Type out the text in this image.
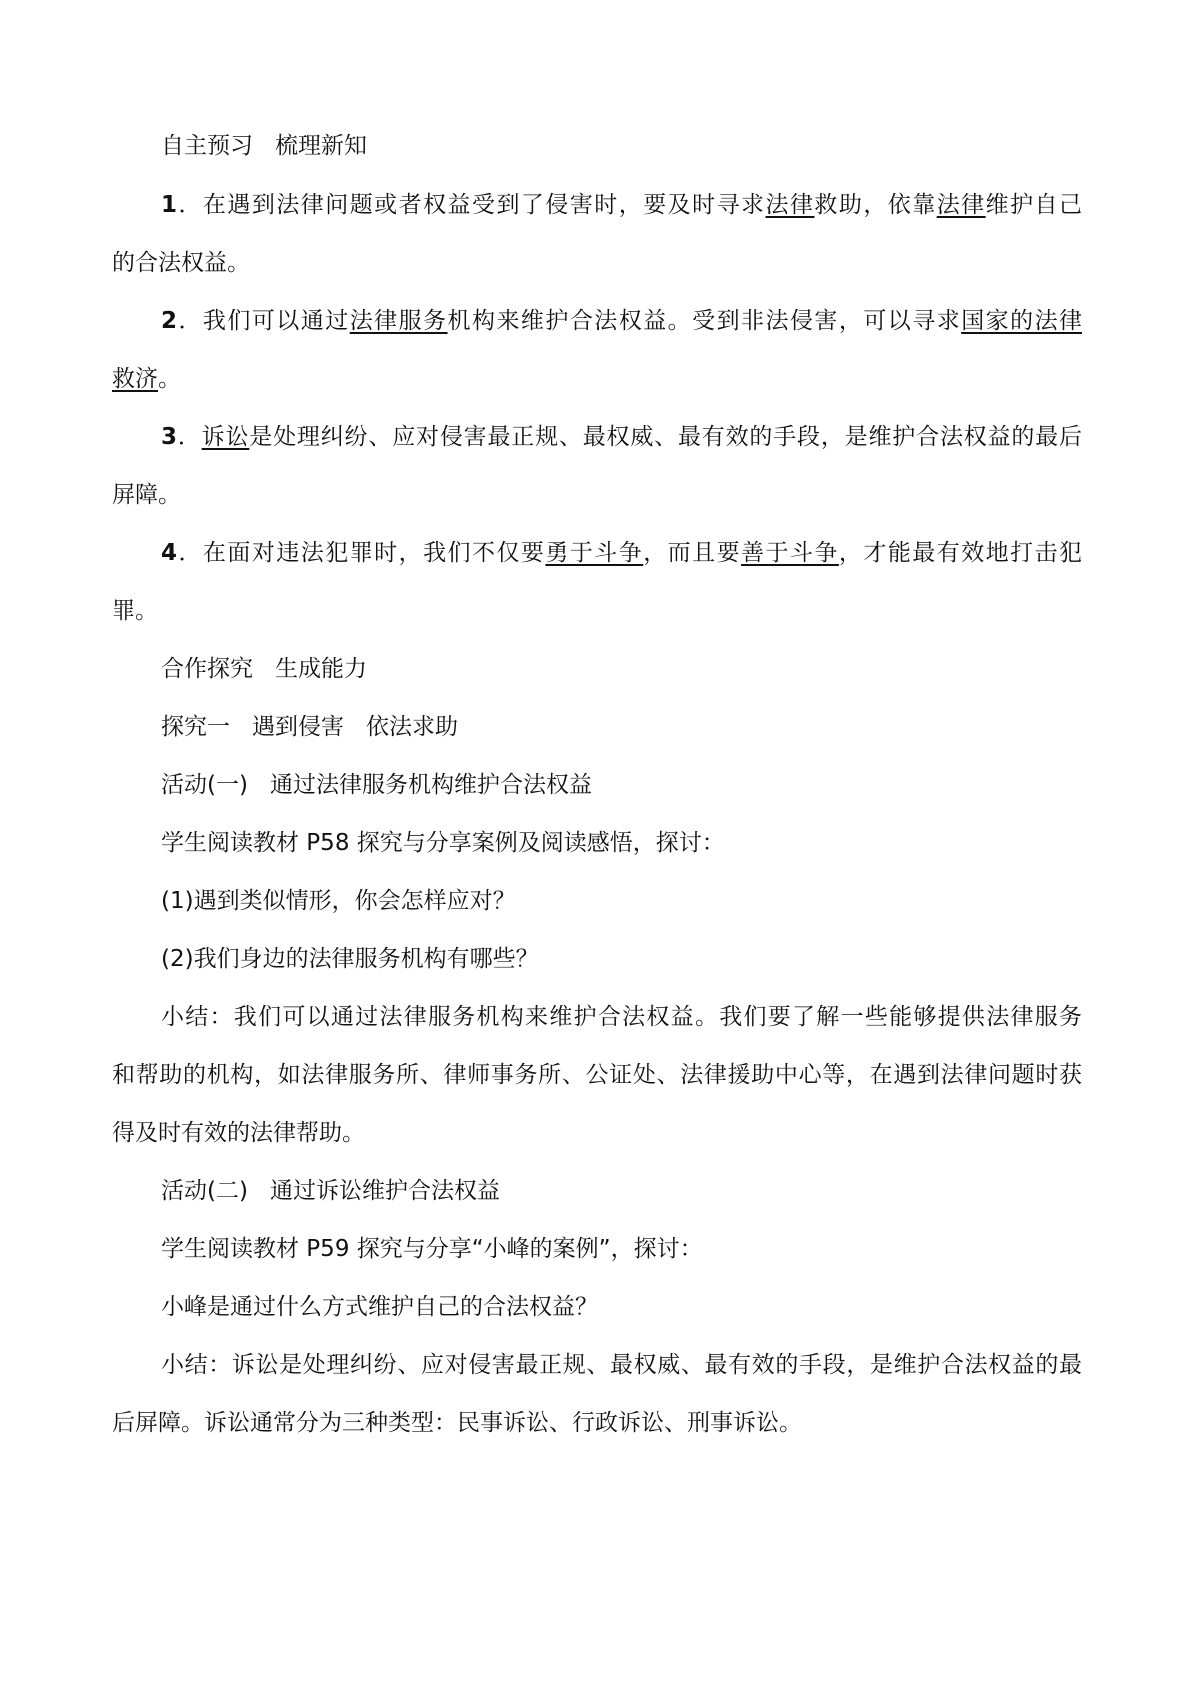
自主预习 梳理新知
1．在遇到法律问题或者权益受到了侵害时，要及时寻求法律救助，依靠法律维护自己
的合法权益。
2．我们可以通过法律服务机构来维护合法权益。受到非法侵害，可以寻求国家的法律
救济。
3．诉讼是处理纠纷、应对侵害最正规、最权威、最有效的手段，是维护合法权益的最后
屏障。
4．在面对违法犯罪时，我们不仅要勇于斗争，而且要善于斗争，才能最有效地打击犯
罪。
合作探究 生成能力
探究一 遇到侵害 依法求助
活动(一) 通过法律服务机构维护合法权益
学生阅读教材 P58 探究与分享案例及阅读感悟，探讨：
(1)遇到类似情形，你会怎样应对？
(2)我们身边的法律服务机构有哪些？
小结：我们可以通过法律服务机构来维护合法权益。我们要了解一些能够提供法律服务
和帮助的机构，如法律服务所、律师事务所、公证处、法律援助中心等，在遇到法律问题时获
得及时有效的法律帮助。
活动(二) 通过诉讼维护合法权益
学生阅读教材 P59 探究与分享“小峰的案例”，探讨：
小峰是通过什么方式维护自己的合法权益？
小结：诉讼是处理纠纷、应对侵害最正规、最权威、最有效的手段，是维护合法权益的最
后屏障。诉讼通常分为三种类型：民事诉讼、行政诉讼、刑事诉讼。
